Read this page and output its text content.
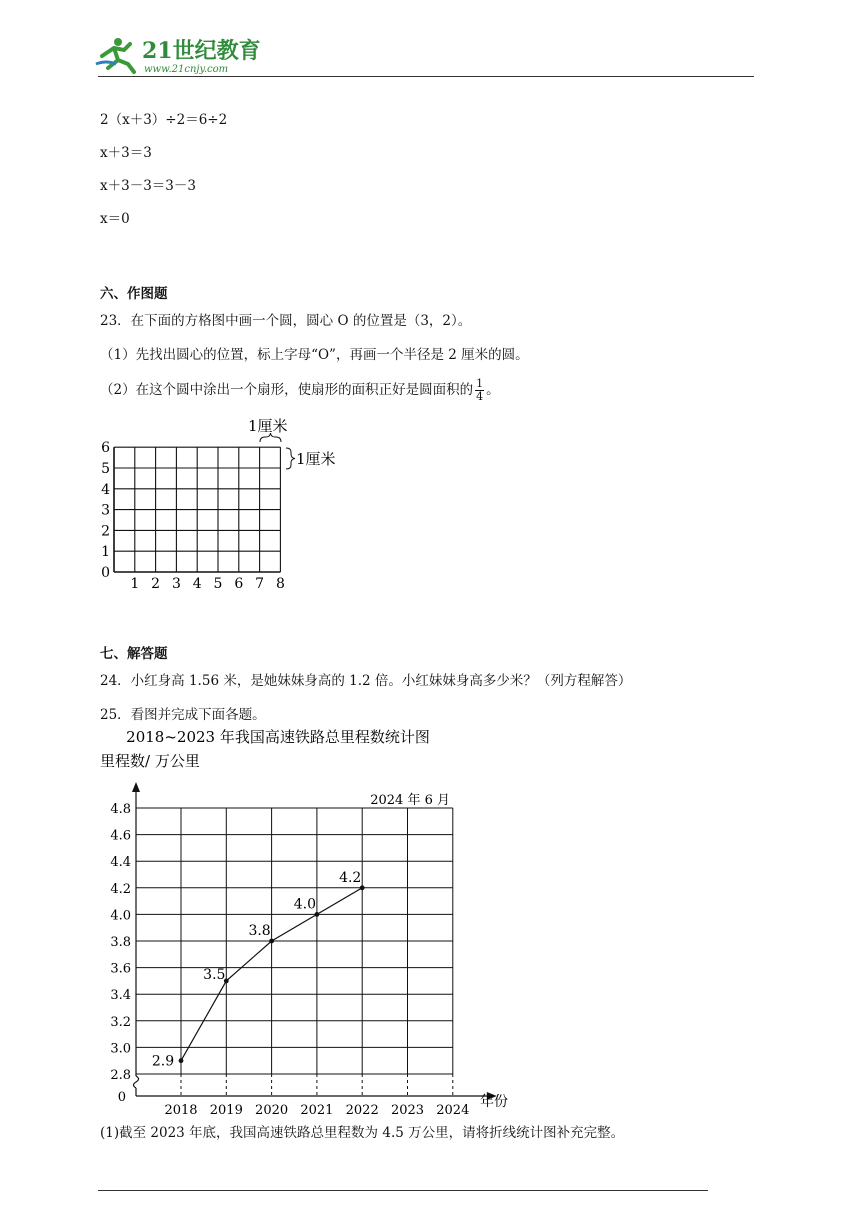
21世纪教育
www.21cnjy.com
2（x＋3）÷2＝6÷2
x＋3＝3
x＋3－3＝3－3
x＝0
六、作图题
23．在下面的方格图中画一个圆，圆心 O 的位置是（3，2）。
（1）先找出圆心的位置，标上字母“O”，再画一个半径是 2 厘米的圆。
（2）在这个圆中涂出一个扇形，使扇形的面积正好是圆面积的 $\frac{1}{4}$ 。
1厘米
1厘米
1 2 3 4 5 6 7 8
0
1
2
3
4
5
6
七、解答题
24．小红身高 1.56 米，是她妹妹身高的 1.2 倍。小红妹妹身高多少米？（列方程解答）
25．看图并完成下面各题。
2018~2023 年我国高速铁路总里程数统计图
里程数/ 万公里
2024 年 6 月
2.8
3.0
3.2
3.4
3.6
3.8
4.0
4.2
4.4
4.6
4.8
2018 2019 2020 2021 2022 2023 2024
0
2.9
3.5
3.8
4.0
4.2
年份
(1)截至 2023 年底，我国高速铁路总里程数为 4.5 万公里，请将折线统计图补充完整。
